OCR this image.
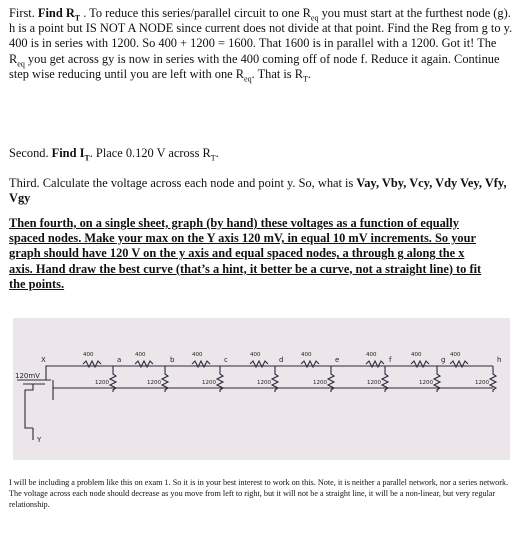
First. Find $R_T$ . To reduce this series/parallel circuit to one $R_{eq}$ you must start at the furthest node (g). h is a point but IS NOT A NODE since current does not divide at that point. Find the Reg from g to y. 400 is in series with 1200. So 400 + 1200 = 1600. That 1600 is in parallel with a 1200. Got it! The $R_{eq}$ you get across gy is now in series with the 400 coming off of node f. Reduce it again. Continue step wise reducing until you are left with one $R_{eq}$. That is $R_T$.
Second. Find $I_T$. Place 0.120 V across $R_T$.
Third. Calculate the voltage across each node and point y. So, what is Vay, Vby, Vcy, Vdy Vey, Vfy, Vgy
Then fourth, on a single sheet, graph (by hand) these voltages as a function of equally spaced nodes. Make your max on the Y axis 120 mV, in equal 10 mV increments. So your graph should have 120 V on the y axis and equal spaced nodes, a through g along the x axis. Hand draw the best curve (that’s a hint, it better be a curve, not a straight line) to fit the points.
120mV
X
Y
400	400	400	400	400	400	400	400
a	b	c	d	e	f	g	h
1200	1200	1200	1200	1200	1200	1200	1200
I will be including a problem like this on exam 1. So it is in your best interest to work on this. Note, it is neither a parallel network, nor a series network. The voltage across each node should decrease as you move from left to right, but it will not be a straight line, it will be a non-linear, but very regular relationship.
